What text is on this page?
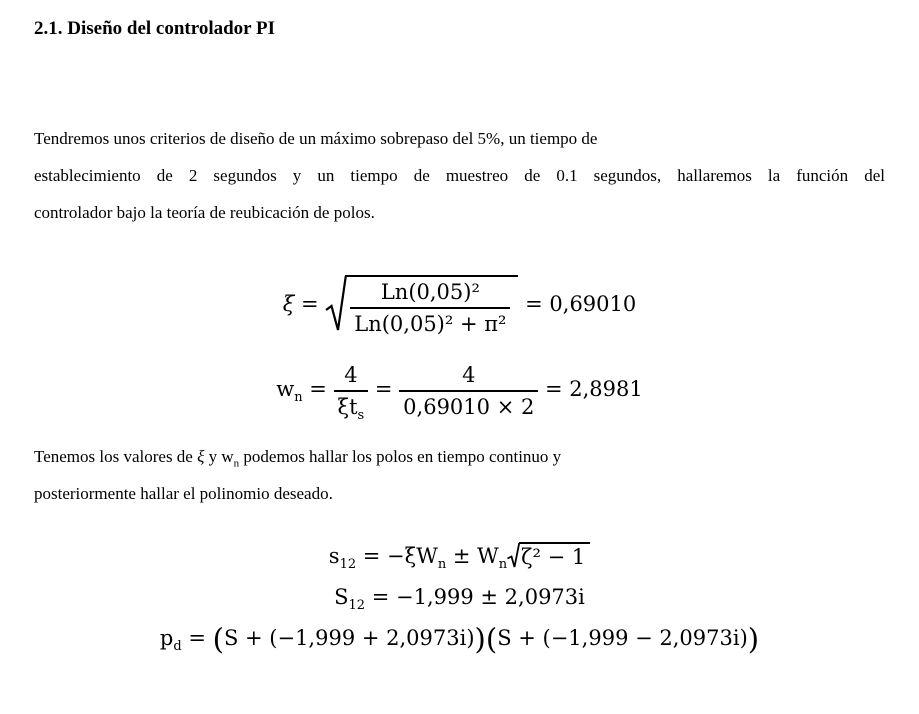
2.1. Diseño del controlador PI

Tendremos unos criterios de diseño de un máximo sobrepaso del 5%, un tiempo de
establecimiento de 2 segundos y un tiempo de muestreo de 0.1 segundos, hallaremos la función del
controlador bajo la teoría de reubicación de polos.

$\xi = \frac{\text{Ln(0,05)²}}{\text{Ln(0,05)² + π²}} = 0,69010$
$w_n = \frac{4}{\xi t_s} = \frac{4}{0,69010 \times 2} = 2,8981$

Tenemos los valores de ξ y $w_n$ podemos hallar los polos en tiempo continuo y
posteriormente hallar el polinomio deseado.

$s_{12} = -\xi W_n \pm W_n$ ζ² − 1
$S_{12} = -1,999 \pm 2,0973i$
$p_d = (S + (-1,999 + 2,0973i))(S + (-1,999 - 2,0973i))$
